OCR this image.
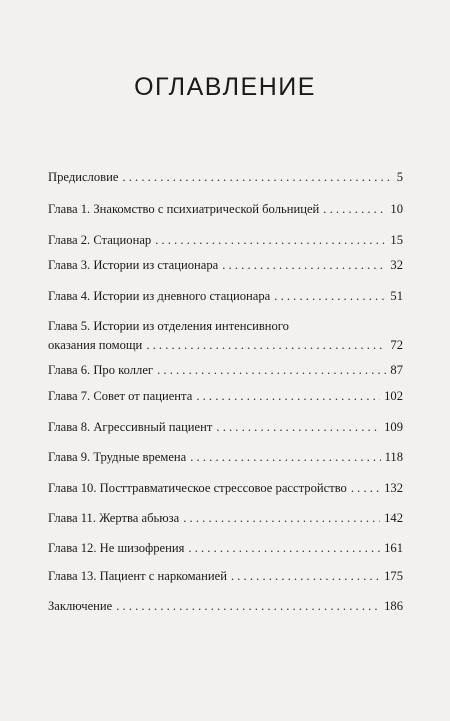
ОГЛАВЛЕНИЕ
Предисловие . . .	5
Глава 1. Знакомство с психиатрической больницей . . .	10
Глава 2. Стационар . . .	15
Глава 3. Истории из стационара . . .	32
Глава 4. Истории из дневного стационара . . .	51
Глава 5. Истории из отделения интенсивного
оказания помощи . . .	72
Глава 6. Про коллег . . .	87
Глава 7. Совет от пациента . . .	102
Глава 8. Агрессивный пациент . . .	109
Глава 9. Трудные времена . . .	118
Глава 10. Посттравматическое стрессовое расстройство . . .	132
Глава 11. Жертва абьюза . . .	142
Глава 12. Не шизофрения . . .	161
Глава 13. Пациент с наркоманией . . .	175
Заключение . . .	186
